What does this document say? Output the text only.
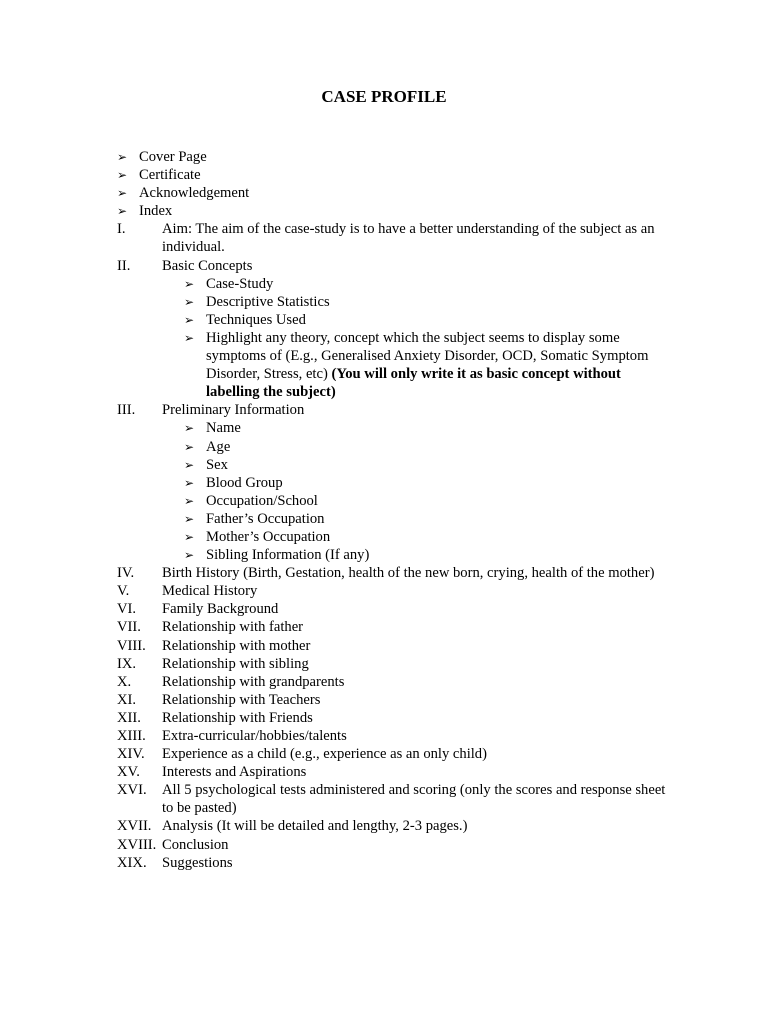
CASE PROFILE
➢ Cover Page
➢ Certificate
➢ Acknowledgement
➢ Index
I.	Aim: The aim of the case-study is to have a better understanding of the subject as an individual.
II.	Basic Concepts
➢ Case-Study
➢ Descriptive Statistics
➢ Techniques Used
➢ Highlight any theory, concept which the subject seems to display some symptoms of (E.g., Generalised Anxiety Disorder, OCD, Somatic Symptom Disorder, Stress, etc) (You will only write it as basic concept without labelling the subject)
III.	Preliminary Information
➢ Name
➢ Age
➢ Sex
➢ Blood Group
➢ Occupation/School
➢ Father’s Occupation
➢ Mother’s Occupation
➢ Sibling Information (If any)
IV.	Birth History (Birth, Gestation, health of the new born, crying, health of the mother)
V.	Medical History
VI.	Family Background
VII.	Relationship with father
VIII.	Relationship with mother
IX.	Relationship with sibling
X.	Relationship with grandparents
XI.	Relationship with Teachers
XII.	Relationship with Friends
XIII.	Extra-curricular/hobbies/talents
XIV.	Experience as a child (e.g., experience as an only child)
XV.	Interests and Aspirations
XVI.	All 5 psychological tests administered and scoring (only the scores and response sheet to be pasted)
XVII. Analysis (It will be detailed and lengthy, 2-3 pages.)
XVIII. Conclusion
XIX.	Suggestions
